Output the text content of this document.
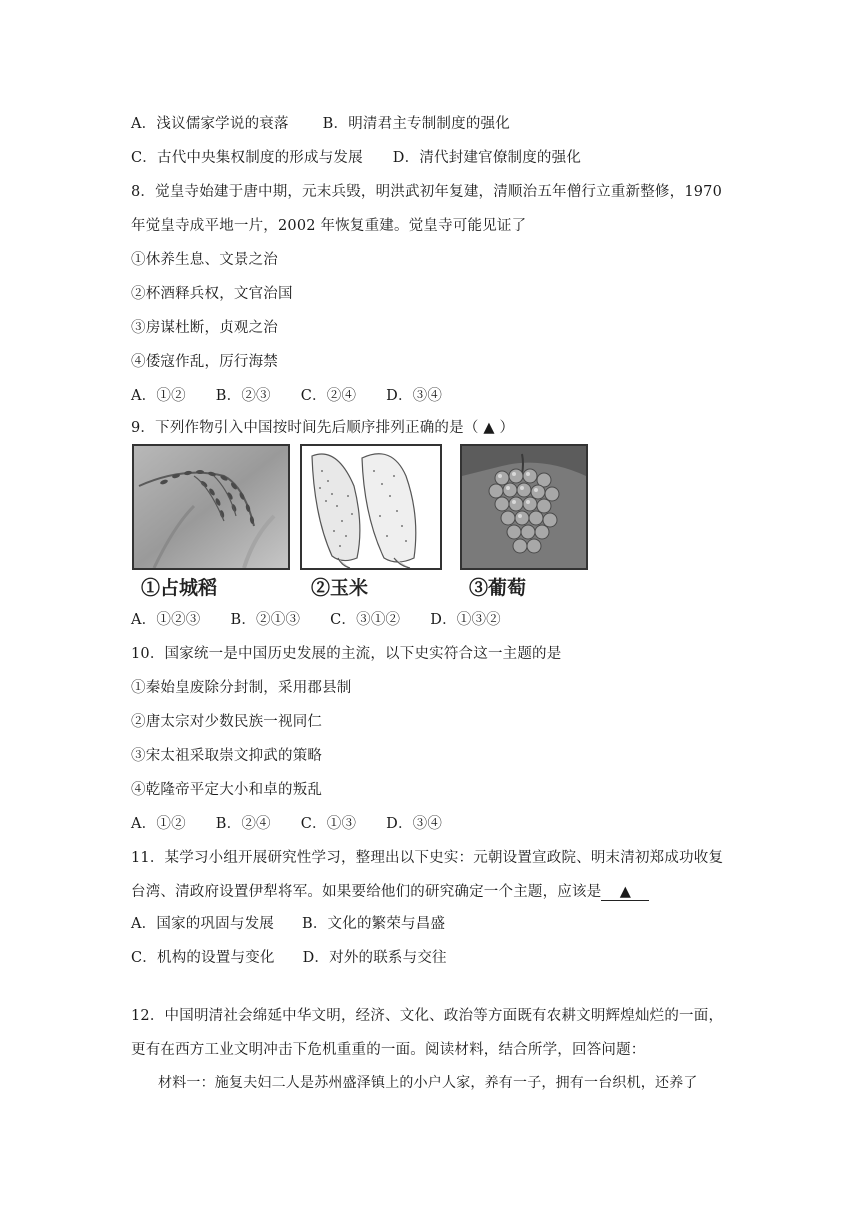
A．浅议儒家学说的衰落 B．明清君主专制制度的强化
C．古代中央集权制度的形成与发展 D．清代封建官僚制度的强化
8．觉皇寺始建于唐中期，元末兵毁，明洪武初年复建，清顺治五年僧行立重新整修，1970
年觉皇寺成平地一片，2002 年恢复重建。觉皇寺可能见证了
①休养生息、文景之治
②杯酒释兵权，文官治国
③房谋杜断，贞观之治
④倭寇作乱，厉行海禁
A．①② B．②③ C．②④ D．③④
9．下列作物引入中国按时间先后顺序排列正确的是（ ▲ ）
①占城稻	②玉米	③葡萄
A．①②③ B．②①③ C．③①② D．①③②
10．国家统一是中国历史发展的主流，以下史实符合这一主题的是
①秦始皇废除分封制，采用郡县制
②唐太宗对少数民族一视同仁
③宋太祖采取崇文抑武的策略
④乾隆帝平定大小和卓的叛乱
A．①② B．②④ C．①③ D．③④
11．某学习小组开展研究性学习，整理出以下史实：元朝设置宣政院、明末清初郑成功收复
台湾、清政府设置伊犁将军。如果要给他们的研究确定一个主题，应该是 ▲
A．国家的巩固与发展 B．文化的繁荣与昌盛
C．机构的设置与变化 D．对外的联系与交往
12．中国明清社会绵延中华文明，经济、文化、政治等方面既有农耕文明辉煌灿烂的一面，
更有在西方工业文明冲击下危机重重的一面。阅读材料，结合所学，回答问题：
材料一：施复夫妇二人是苏州盛泽镇上的小户人家，养有一子，拥有一台织机，还养了
